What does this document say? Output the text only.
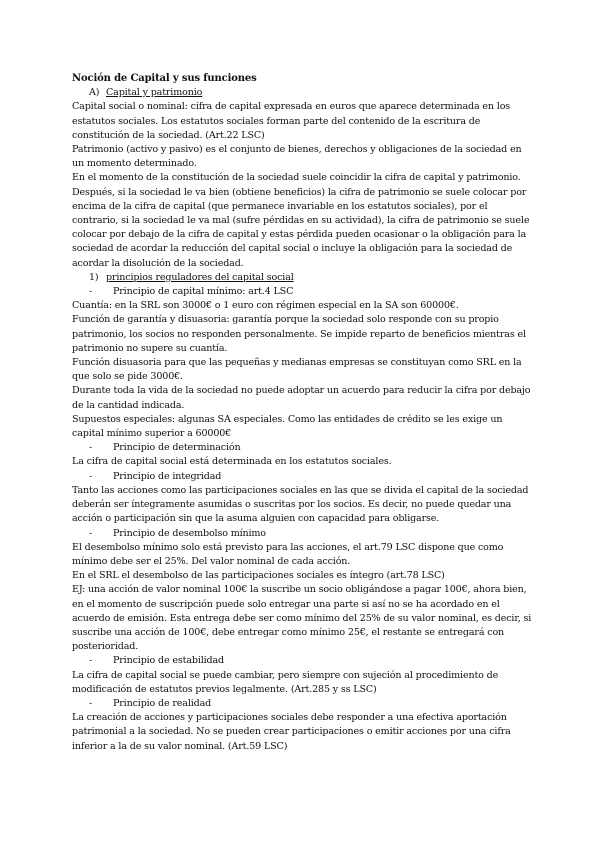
Noción de Capital y sus funciones
A) Capital y patrimonio

Capital social o nominal: cifra de capital expresada en euros que aparece determinada en los estatutos sociales. Los estatutos sociales forman parte del contenido de la escritura de constitución de la sociedad. (Art.22 LSC)

Patrimonio (activo y pasivo) es el conjunto de bienes, derechos y obligaciones de la sociedad en un momento determinado.

En el momento de la constitución de la sociedad suele coincidir la cifra de capital y patrimonio. Después, si la sociedad le va bien (obtiene beneficios) la cifra de patrimonio se suele colocar por encima de la cifra de capital (que permanece invariable en los estatutos sociales), por el contrario, si la sociedad le va mal (sufre pérdidas en su actividad), la cifra de patrimonio se suele colocar por debajo de la cifra de capital y estas pérdida pueden ocasionar o la obligación para la sociedad de acordar la reducción del capital social o incluye la obligación para la sociedad de acordar la disolución de la sociedad.

1) principios reguladores del capital social
-	Principio de capital mínimo: art.4 LSC

Cuantía: en la SRL son 3000€ o 1 euro con régimen especial en la SA son 60000€.

Función de garantía y disuasoria: garantía porque la sociedad solo responde con su propio patrimonio, los socios no responden personalmente. Se impide reparto de beneficios mientras el patrimonio no supere su cuantía.

Función disuasoria para que las pequeñas y medianas empresas se constituyan como SRL en la que solo se pide 3000€.

Durante toda la vida de la sociedad no puede adoptar un acuerdo para reducir la cifra por debajo de la cantidad indicada.

Supuestos especiales: algunas SA especiales. Como las entidades de crédito se les exige un capital mínimo superior a 60000€

-	Principio de determinación

La cifra de capital social está determinada en los estatutos sociales.

-	Principio de integridad

Tanto las acciones como las participaciones sociales en las que se divida el capital de la sociedad deberán ser íntegramente asumidas o suscritas por los socios. Es decir, no puede quedar una acción o participación sin que la asuma alguien con capacidad para obligarse.

-	Principio de desembolso mínimo

El desembolso mínimo solo está previsto para las acciones, el art.79 LSC dispone que como mínimo debe ser el 25%. Del valor nominal de cada acción.

En el SRL el desembolso de las participaciones sociales es íntegro (art.78 LSC)

EJ: una acción de valor nominal 100€ la suscribe un socio obligándose a pagar 100€, ahora bien, en el momento de suscripción puede solo entregar una parte si así no se ha acordado en el acuerdo de emisión. Esta entrega debe ser como mínimo del 25% de su valor nominal, es decir, si suscribe una acción de 100€, debe entregar como mínimo 25€, el restante se entregará con posterioridad.

-	Principio de estabilidad

La cifra de capital social se puede cambiar, pero siempre con sujeción al procedimiento de modificación de estatutos previos legalmente. (Art.285 y ss LSC)

-	Principio de realidad

La creación de acciones y participaciones sociales debe responder a una efectiva aportación patrimonial a la sociedad. No se pueden crear participaciones o emitir acciones por una cifra inferior a la de su valor nominal. (Art.59 LSC)
